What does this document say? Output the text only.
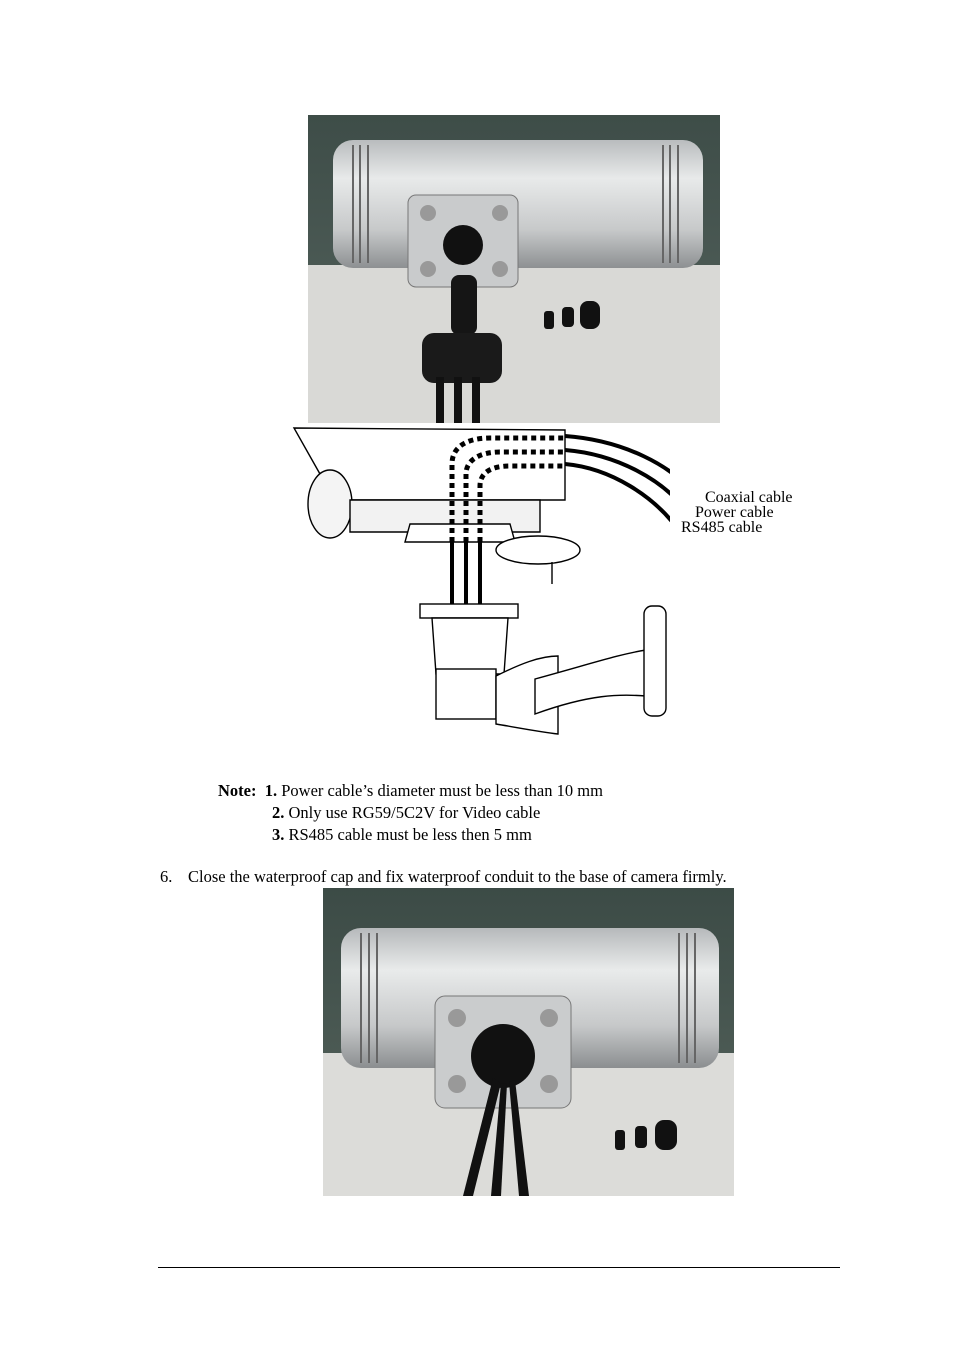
Coaxial cable
Power cable
RS485 cable
Note: 1. Power cable’s diameter must be less than 10 mm
2. Only use RG59/5C2V for Video cable
3. RS485 cable must be less then 5 mm
6. Close the waterproof cap and fix waterproof conduit to the base of camera firmly.
